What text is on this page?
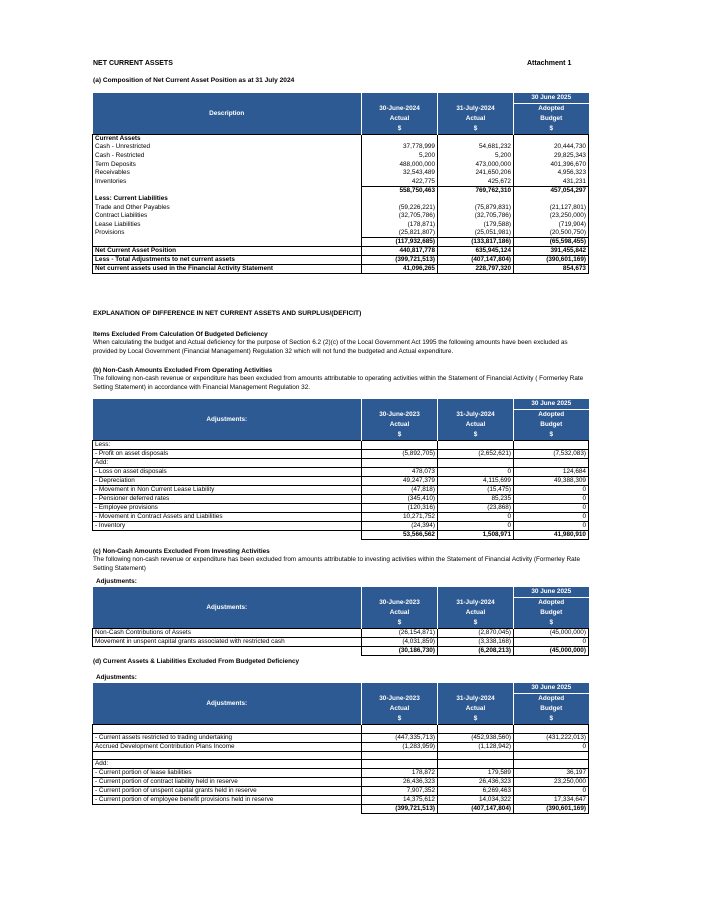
NET CURRENT ASSETS	Attachment 1
(a) Composition of Net Current Asset Position as at 31 July 2024
Description			30 June 2025
	30-June-2024	31-July-2024	Adopted
	Actual	Actual	Budget
	$	$	$
Current Assets			
Cash - Unrestricted	37,778,999	54,681,232	20,444,730
Cash - Restricted	5,200	5,200	29,825,343
Term Deposits	488,000,000	473,000,000	401,396,670
Receivables	32,543,489	241,650,206	4,956,323
Inventories	422,775	425,672	431,231
	558,750,463	769,762,310	457,054,297
Less: Current Liabilities			
Trade and Other Payables	(59,226,221)	(75,879,831)	(21,127,801)
Contract Liabilities	(32,705,786)	(32,705,786)	(23,250,000)
Lease Liabilities	(178,871)	(179,588)	(719,904)
Provisions	(25,821,807)	(25,051,981)	(20,500,750)
	(117,932,685)	(133,817,186)	(65,598,455)
Net Current Asset Position	440,817,778	635,945,124	391,455,842
Less - Total Adjustments to net current assets	(399,721,513)	(407,147,804)	(390,601,169)
Net current assets used in the Financial Activity Statement	41,096,265	228,797,320	854,673
EXPLANATION OF DIFFERENCE IN NET CURRENT ASSETS AND SURPLUS/(DEFICIT)
Items Excluded From Calculation Of Budgeted Deficiency
When calculating the budget and Actual deficiency for the purpose of Section 6.2 (2)(c) of the Local Government Act 1995 the following amounts have been excluded as provided by Local Government (Financial Management) Regulation 32 which will not fund the budgeted and Actual expenditure.
(b) Non-Cash Amounts Excluded From Operating Activities
The following non-cash revenue or expenditure has been excluded from amounts attributable to operating activities within the Statement of Financial Activity ( Formerley Rate Setting Statement) in accordance with Financial Management Regulation 32.
Adjustments:			30 June 2025
	30-June-2023	31-July-2024	Adopted
	Actual	Actual	Budget
	$	$	$
Less:			
- Profit on asset disposals	(5,892,705)	(2,652,621)	(7,532,083)
Add:			
- Loss on asset disposals	478,073	0	124,684
- Depreciation	49,247,379	4,115,699	49,388,309
- Movement in Non Current Lease Liability	(47,818)	(15,475)	0
- Pensioner deferred rates	(345,410)	85,235	0
- Employee provisions	(120,316)	(23,868)	0
- Movement in Contract Assets and Liabilities	10,271,752	0	0
- Inventory	(24,394)	0	0
	53,566,562	1,508,971	41,980,910
(c) Non-Cash Amounts Excluded From Investing Activities
The following non-cash revenue or expenditure has been excluded from amounts attributable to investing activities within the Statement of Financial Activity (Formerley Rate Setting Statement)
Adjustments:
Adjustments:			30 June 2025
	30-June-2023	31-July-2024	Adopted
	Actual	Actual	Budget
	$	$	$
Non-Cash Contributions of Assets	(26,154,871)	(2,870,045)	(45,000,000)
Movement in unspent capital grants associated with restricted cash	(4,031,859)	(3,338,168)	0
	(30,186,730)	(6,208,213)	(45,000,000)
(d) Current Assets & Liabilities Excluded From Budgeted Deficiency
Adjustments:
Adjustments:			30 June 2025
	30-June-2023	31-July-2024	Adopted
	Actual	Actual	Budget
	$	$	$

- Current assets restricted to trading undertaking	(447,335,713)	(452,938,560)	(431,222,013)
Accrued Development Contribution Plans Income	(1,283,959)	(1,128,942)	0

Add:			
- Current portion of lease liabilities	178,872	179,589	36,197
- Current portion of contract liability held in reserve	26,436,323	26,436,323	23,250,000
- Current portion of unspent capital grants held in reserve	7,907,352	6,269,463	0
- Current portion of employee benefit provisions held in reserve	14,375,612	14,034,322	17,334,647
	(399,721,513)	(407,147,804)	(390,601,169)
